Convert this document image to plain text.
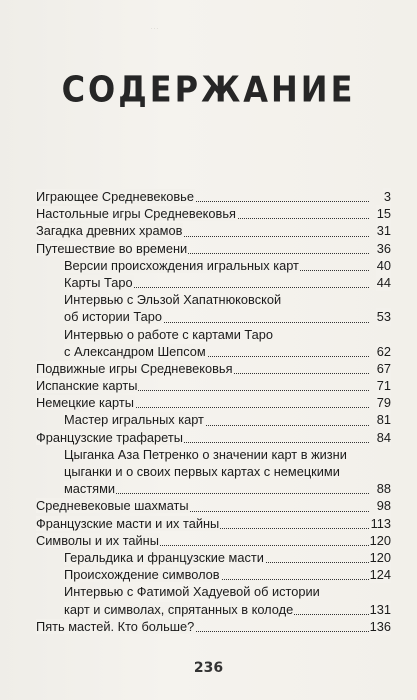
…
СОДЕРЖАНИЕ
Играющее Средневековье	3
Настольные игры Средневековья	15
Загадка древних храмов	31
Путешествие во времени	36
Версии происхождения игральных карт	40
Карты Таро	44
Интервью с Эльзой Хапатнюковской
об истории Таро	53
Интервью о работе с картами Таро
с Александром Шепсом	62
Подвижные игры Средневековья	67
Испанские карты	71
Немецкие карты	79
Мастер игральных карт	81
Французские трафареты	84
Цыганка Аза Петренко о значении карт в жизни
цыганки и о своих первых картах с немецкими
мастями	88
Средневековые шахматы	98
Французские масти и их тайны	113
Символы и их тайны	120
Геральдика и французские масти	120
Происхождение символов	124
Интервью с Фатимой Хадуевой об истории
карт и символах, спрятанных в колоде	131
Пять мастей. Кто больше?	136
236
